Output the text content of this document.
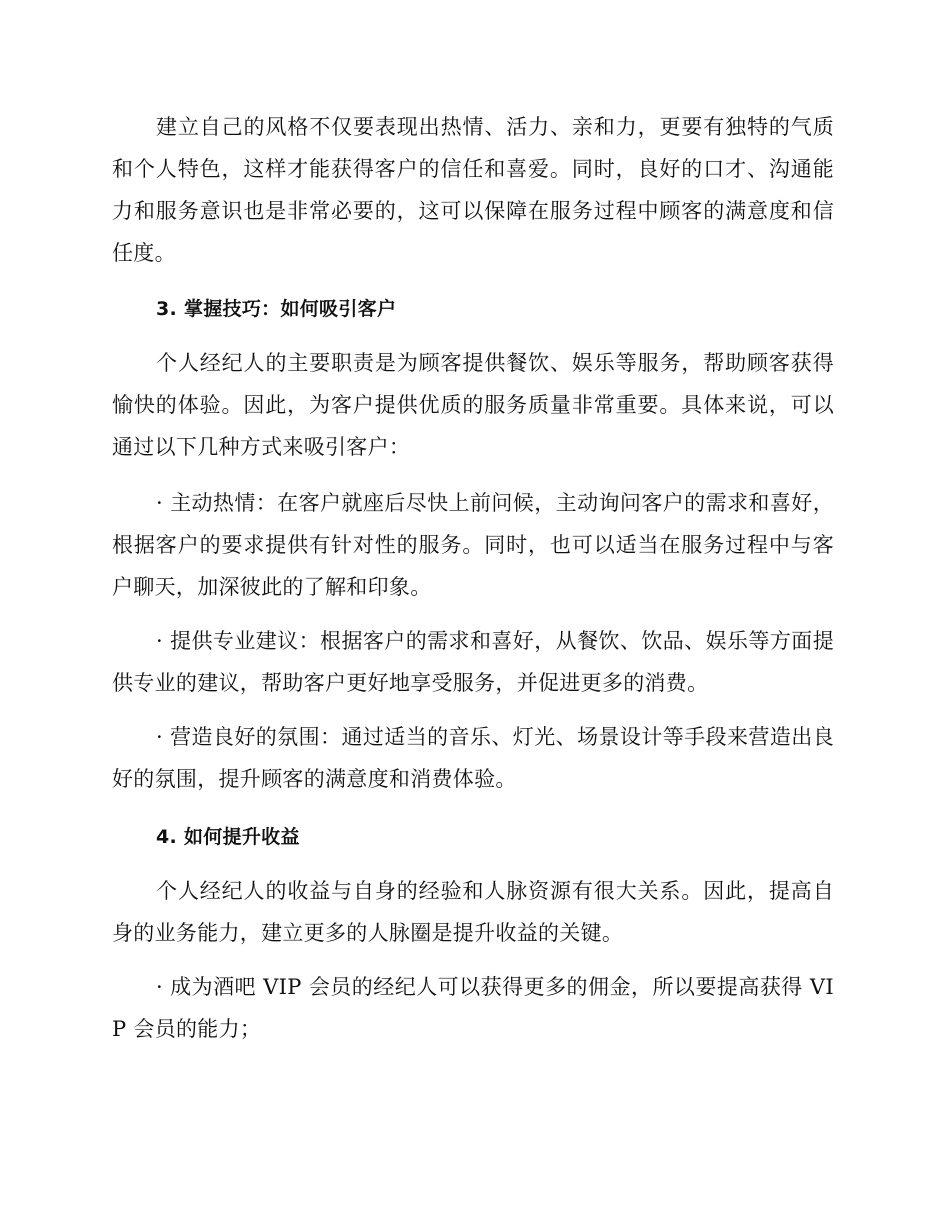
建立自己的风格不仅要表现出热情、活力、亲和力，更要有独特的气质和个人特色，这样才能获得客户的信任和喜爱。同时，良好的口才、沟通能力和服务意识也是非常必要的，这可以保障在服务过程中顾客的满意度和信任度。

3. 掌握技巧：如何吸引客户

个人经纪人的主要职责是为顾客提供餐饮、娱乐等服务，帮助顾客获得愉快的体验。因此，为客户提供优质的服务质量非常重要。具体来说，可以通过以下几种方式来吸引客户：

· 主动热情：在客户就座后尽快上前问候，主动询问客户的需求和喜好，根据客户的要求提供有针对性的服务。同时，也可以适当在服务过程中与客户聊天，加深彼此的了解和印象。

· 提供专业建议：根据客户的需求和喜好，从餐饮、饮品、娱乐等方面提供专业的建议，帮助客户更好地享受服务，并促进更多的消费。

· 营造良好的氛围：通过适当的音乐、灯光、场景设计等手段来营造出良好的氛围，提升顾客的满意度和消费体验。

4. 如何提升收益

个人经纪人的收益与自身的经验和人脉资源有很大关系。因此，提高自身的业务能力，建立更多的人脉圈是提升收益的关键。

· 成为酒吧 VIP 会员的经纪人可以获得更多的佣金，所以要提高获得 VIP 会员的能力；
